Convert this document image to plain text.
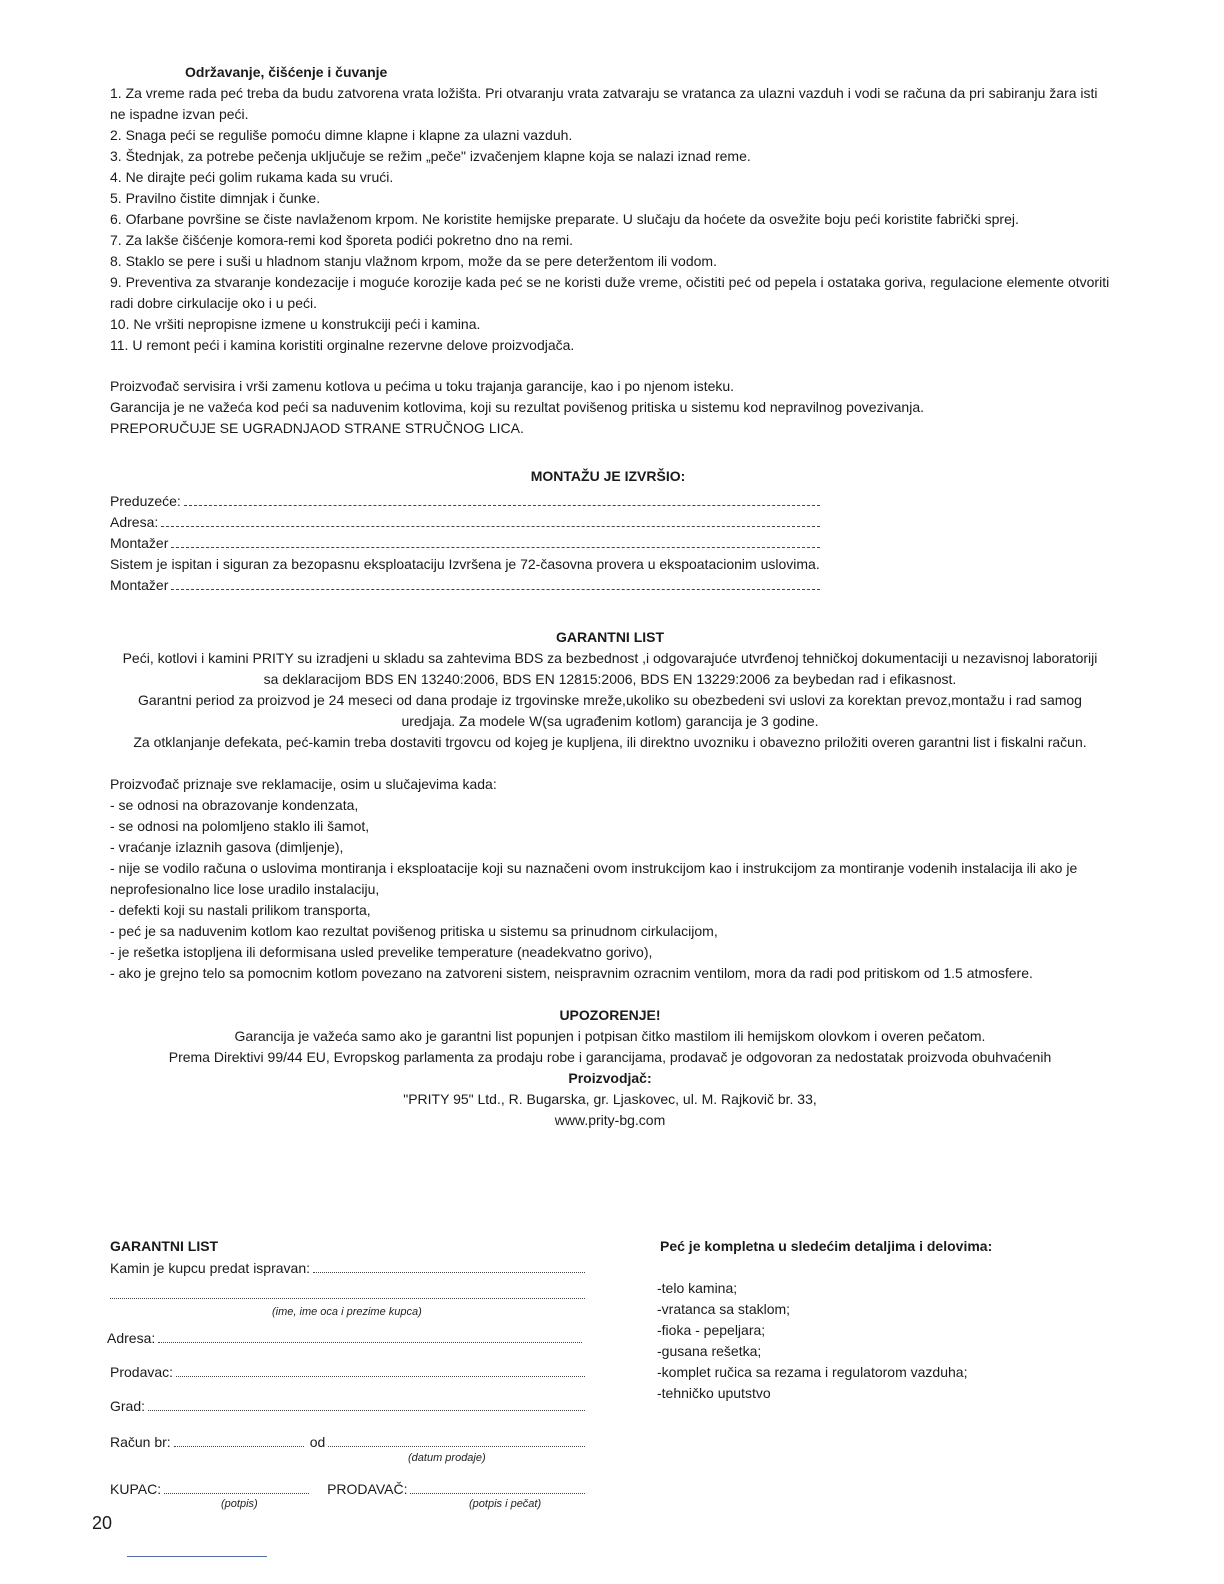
Održavanje, čišćenje i čuvanje

1. Za vreme rada peć treba da budu zatvorena vrata ložišta. Pri otvaranju vrata zatvaraju se vratanca za ulazni vazduh i vodi se računa da pri sabiranju žara isti ne ispadne izvan peći.

2. Snaga peći se reguliše pomoću dimne klapne i klapne za ulazni vazduh.

3. Štednjak, za potrebe pečenja uključuje se režim „peče" izvačenjem klapne koja se nalazi iznad reme.

4. Ne dirajte peći golim rukama kada su vrući.

5. Pravilno čistite dimnjak i čunke.

6. Ofarbane površine se čiste navlaženom krpom. Ne koristite hemijske preparate. U slučaju da hoćete da osvežite boju peći koristite fabrički sprej.

7. Za lakše čišćenje komora-remi kod šporeta podići pokretno dno na remi.

8. Staklo se pere i suši u hladnom stanju vlažnom krpom, može da se pere deteržentom ili vodom.

9. Preventiva za stvaranje kondezacije i moguće korozije kada peć se ne koristi duže vreme, očistiti peć od pepela i ostataka goriva, regulacione elemente otvoriti radi dobre cirkulacije oko i u peći.

10. Ne vršiti nepropisne izmene u konstrukciji peći i kamina.

11. U remont peći i kamina koristiti orginalne rezervne delove proizvodjača.

Proizvođač servisira i vrši zamenu kotlova u pećima u toku trajanja garancije, kao i po njenom isteku.

Garancija je ne važeća kod peći sa naduvenim kotlovima, koji su rezultat povišenog pritiska u sistemu kod nepravilnog povezivanja.

PREPORUČUJE SE UGRADNJAOD STRANE STRUČNOG LICA.

MONTAŽU JE IZVRŠIO:
Preduzeće:
Adresa:
Montažer

Sistem je ispitan i siguran za bezopasnu eksploataciju Izvršena je 72-časovna provera u ekspoatacionim uslovima.

Montažer

GARANTNI LIST

Peći, kotlovi i kamini PRITY su izradjeni u skladu sa zahtevima BDS za bezbednost ,i odgovarajuće utvrđenoj tehničkoj dokumentaciji u nezavisnoj laboratoriji

sa deklaracijom BDS EN 13240:2006, BDS EN 12815:2006, BDS EN 13229:2006 za beybedan rad i efikasnost.

Garantni period za proizvod je 24 meseci od dana prodaje iz trgovinske mreže,ukoliko su obezbedeni svi uslovi za korektan prevoz,montažu i rad samog

uredjaja. Za modele W(sa ugrađenim kotlom) garancija je 3 godine.

Za otklanjanje defekata, peć-kamin treba dostaviti trgovcu od kojeg je kupljena, ili direktno uvozniku i obavezno priložiti overen garantni list i fiskalni račun.

Proizvođač priznaje sve reklamacije, osim u slučajevima kada:

- se odnosi na obrazovanje kondenzata,

- se odnosi na polomljeno staklo ili šamot,

- vraćanje izlaznih gasova (dimljenje),

- nije se vodilo računa o uslovima montiranja i eksploatacije koji su naznačeni ovom instrukcijom kao i instrukcijom za montiranje vodenih instalacija ili ako je neprofesionalno lice lose uradilo instalaciju,

- defekti koji su nastali prilikom transporta,

- peć je sa naduvenim kotlom kao rezultat povišenog pritiska u sistemu sa prinudnom cirkulacijom,

- je rešetka istopljena ili deformisana usled prevelike temperature (neadekvatno gorivo),

- ako je grejno telo sa pomocnim kotlom povezano na zatvoreni sistem, neispravnim ozracnim ventilom, mora da radi pod pritiskom od 1.5 atmosfere.

UPOZORENJE!

Garancija je važeća samo ako je garantni list popunjen i potpisan čitko mastilom ili hemijskom olovkom i overen pečatom.

Prema Direktivi 99/44 EU, Evropskog parlamenta za prodaju robe i garancijama, prodavač je odgovoran za nedostatak proizvoda obuhvaćenih

Proizvodjač:

"PRITY 95" Ltd., R. Bugarska, gr. Ljaskovec, ul. M. Rajkovič br. 33,

www.prity-bg.com

GARANTNI LIST
Kamin je kupcu predat ispravan:
(ime, ime oca i prezime kupca)
Adresa:
Prodavac:
Grad:
Račun br:	od
(datum prodaje)
KUPAC:	PRODAVAČ:
(potpis)	(potpis i pečat)
Peć je kompletna u sledećim detaljima i delovima:

-telo kamina;

-vratanca sa staklom;

-fioka - pepeljara;

-gusana rešetka;

-komplet ručica sa rezama i regulatorom vazduha;

-tehničko uputstvo

20
